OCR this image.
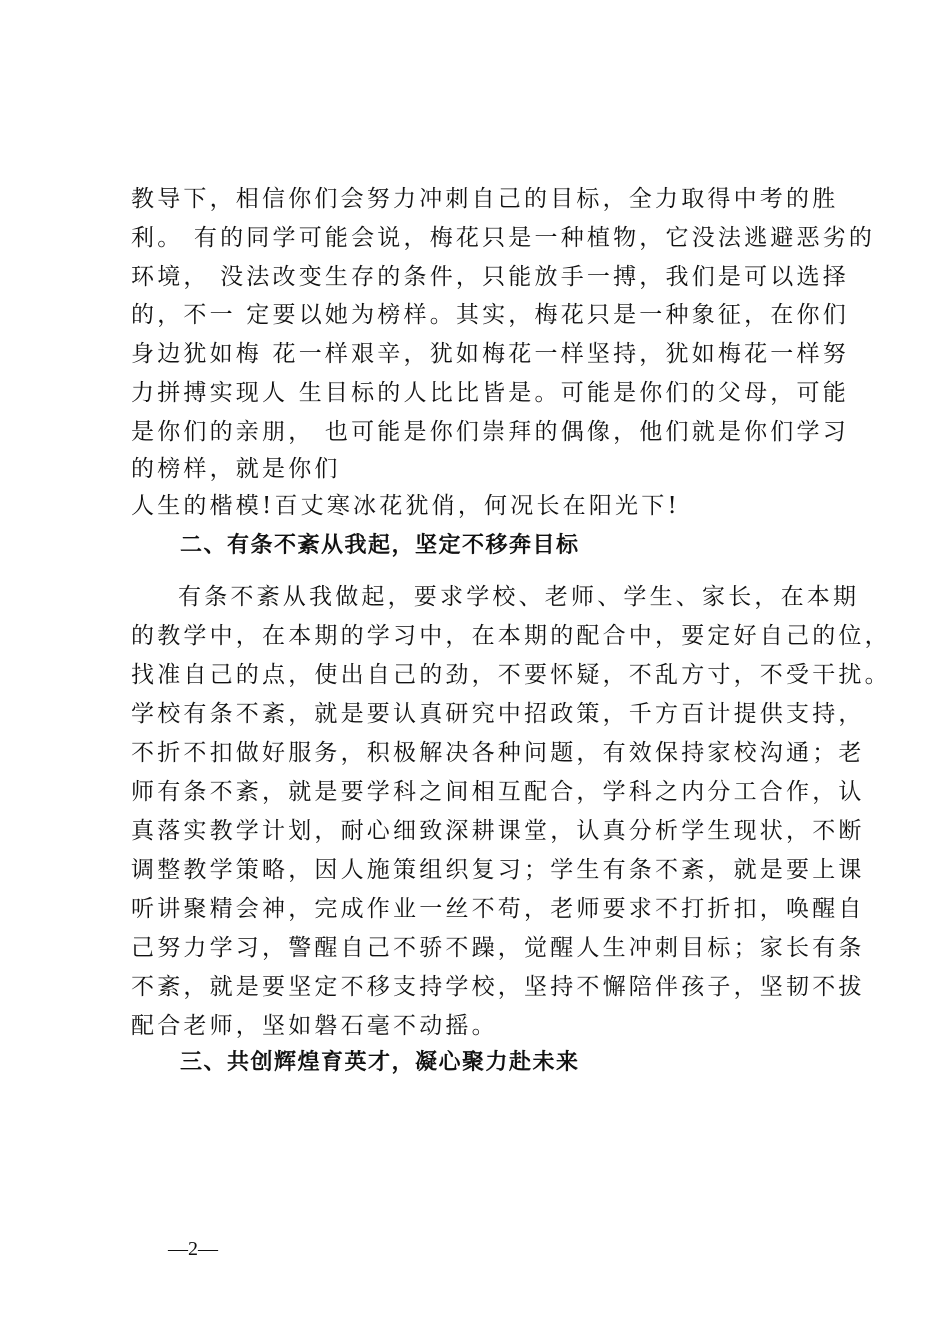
教导下，相信你们会努力冲刺自己的目标，全力取得中考的胜
利。 有的同学可能会说，梅花只是一种植物，它没法逃避恶劣的
环境， 没法改变生存的条件，只能放手一搏，我们是可以选择
的，不一 定要以她为榜样。其实，梅花只是一种象征，在你们
身边犹如梅 花一样艰辛，犹如梅花一样坚持，犹如梅花一样努
力拼搏实现人 生目标的人比比皆是。可能是你们的父母，可能
是你们的亲朋， 也可能是你们崇拜的偶像，他们就是你们学习
的榜样，就是你们
人生的楷模!百丈寒冰花犹俏，何况长在阳光下!
二、有条不紊从我起，坚定不移奔目标
有条不紊从我做起，要求学校、老师、学生、家长，在本期
的教学中，在本期的学习中，在本期的配合中，要定好自己的位，
找准自己的点，使出自己的劲，不要怀疑，不乱方寸，不受干扰。
学校有条不紊，就是要认真研究中招政策，千方百计提供支持，
不折不扣做好服务，积极解决各种问题，有效保持家校沟通；老
师有条不紊，就是要学科之间相互配合，学科之内分工合作，认
真落实教学计划，耐心细致深耕课堂，认真分析学生现状，不断
调整教学策略，因人施策组织复习；学生有条不紊，就是要上课
听讲聚精会神，完成作业一丝不苟，老师要求不打折扣，唤醒自
己努力学习，警醒自己不骄不躁，觉醒人生冲刺目标；家长有条
不紊，就是要坚定不移支持学校，坚持不懈陪伴孩子，坚韧不拔
配合老师，坚如磐石毫不动摇。
三、共创辉煌育英才，凝心聚力赴未来
—2—
